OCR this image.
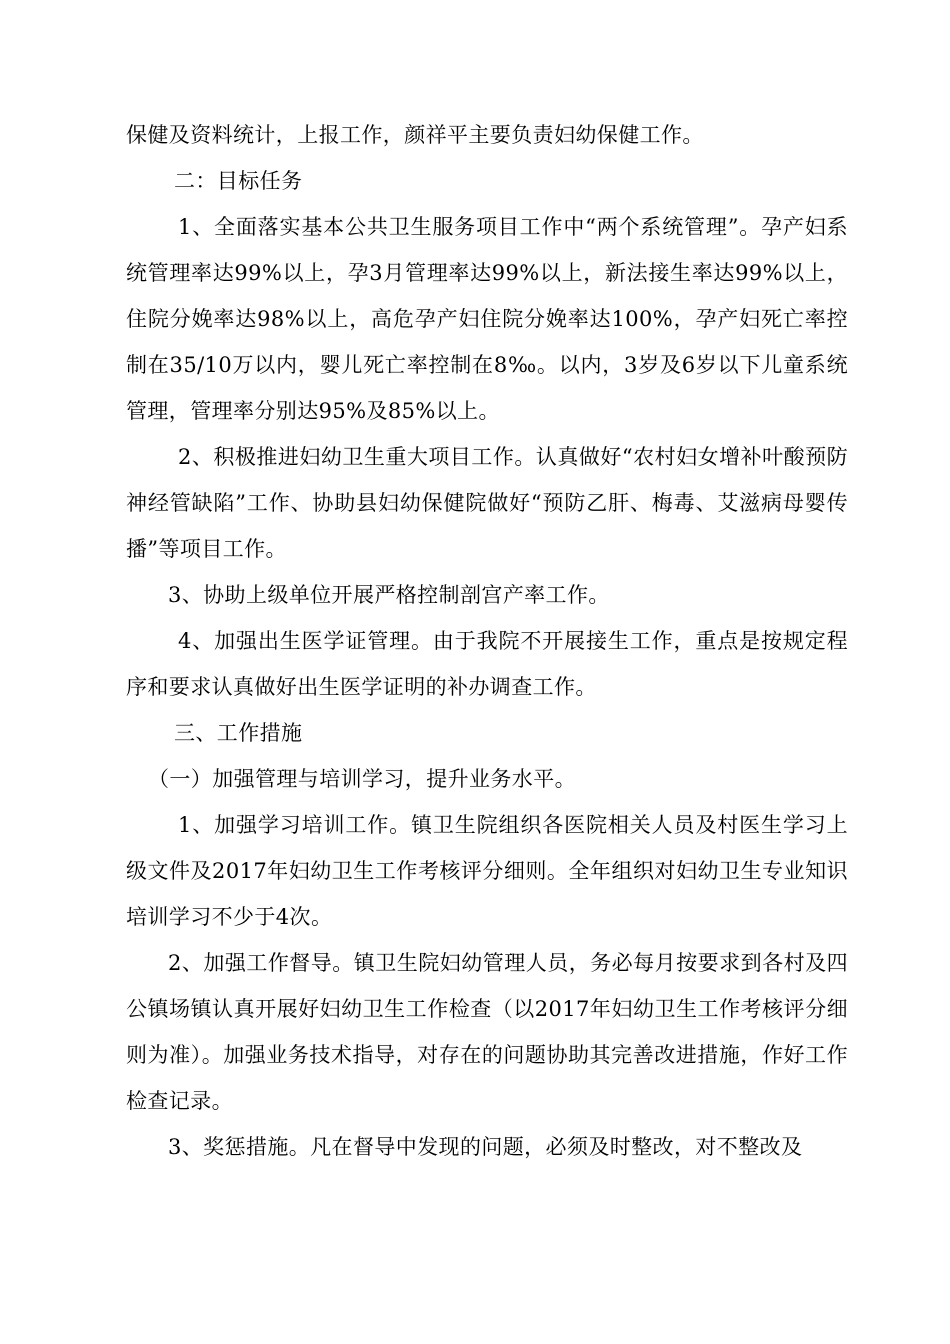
保健及资料统计，上报工作，颜祥平主要负责妇幼保健工作。

二：目标任务

1、全面落实基本公共卫生服务项目工作中“两个系统管理”。孕产妇系统管理率达99%以上，孕3月管理率达99%以上，新法接生率达99%以上，住院分娩率达98%以上，高危孕产妇住院分娩率达100%，孕产妇死亡率控制在35/10万以内，婴儿死亡率控制在8‰。以内，3岁及6岁以下儿童系统管理，管理率分别达95%及85%以上。

2、积极推进妇幼卫生重大项目工作。认真做好“农村妇女增补叶酸预防神经管缺陷”工作、协助县妇幼保健院做好“预防乙肝、梅毒、艾滋病母婴传播”等项目工作。

3、协助上级单位开展严格控制剖宫产率工作。

4、加强出生医学证管理。由于我院不开展接生工作，重点是按规定程序和要求认真做好出生医学证明的补办调查工作。

三、工作措施

（一）加强管理与培训学习，提升业务水平。

1、加强学习培训工作。镇卫生院组织各医院相关人员及村医生学习上级文件及2017年妇幼卫生工作考核评分细则。全年组织对妇幼卫生专业知识培训学习不少于4次。

2、加强工作督导。镇卫生院妇幼管理人员，务必每月按要求到各村及四公镇场镇认真开展好妇幼卫生工作检查（以2017年妇幼卫生工作考核评分细则为准）。加强业务技术指导，对存在的问题协助其完善改进措施，作好工作检查记录。

3、奖惩措施。凡在督导中发现的问题，必须及时整改，对不整改及
